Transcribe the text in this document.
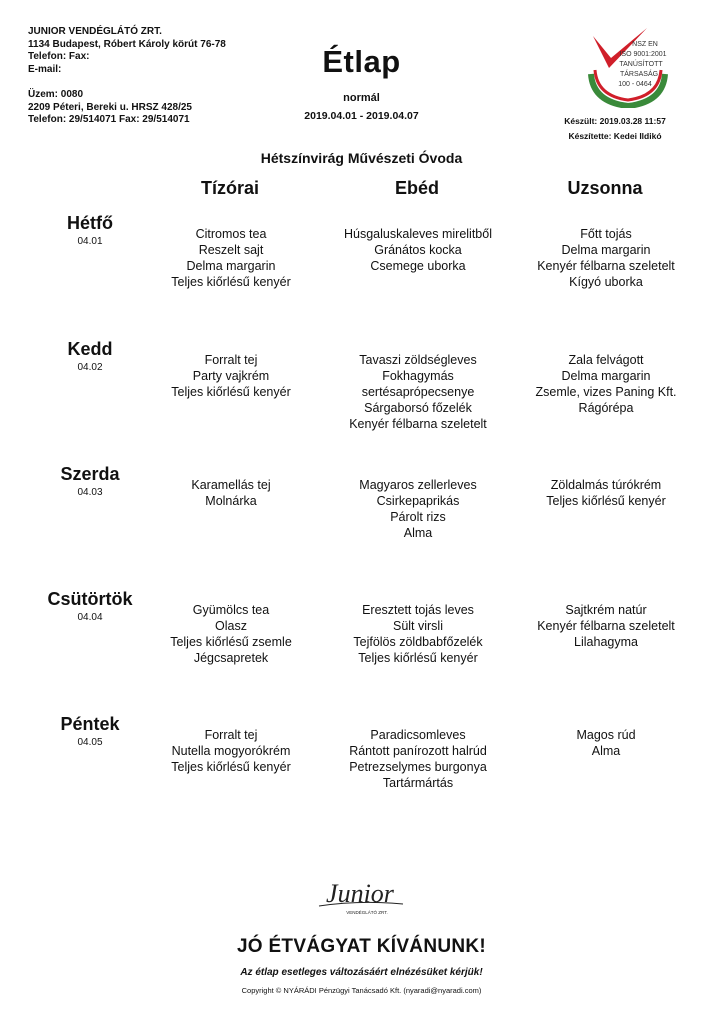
JUNIOR VENDÉGLÁTÓ ZRT.
1134 Budapest, Róbert Károly körút 76-78
Telefon: Fax:
E-mail:
Üzem: 0080
2209 Péteri, Bereki u. HRSZ 428/25
Telefon: 29/514071 Fax: 29/514071
Étlap
normál
2019.04.01 - 2019.04.07
NSZ EN
ISO 9001:2001
TANÚSÍTOTT
TÁRSASÁG
100 - 0464
Készült: 2019.03.28 11:57
Készítette: Kedei Ildikó
Hétszínvirág Művészeti Óvoda
Tízórai	Ebéd	Uzsonna
Hétfő
04.01
Citromos tea
Reszelt sajt
Delma margarin
Teljes kiőrlésű kenyér
Húsgaluskaleves mirelitből
Gránátos kocka
Csemege uborka
Főtt tojás
Delma margarin
Kenyér félbarna szeletelt
Kígyó uborka
Kedd
04.02
Forralt tej
Party vajkrém
Teljes kiőrlésű kenyér
Tavaszi zöldségleves
Fokhagymás
sertésaprópecsenye
Sárgaborsó főzelék
Kenyér félbarna szeletelt
Zala felvágott
Delma margarin
Zsemle, vizes Paning Kft.
Rágórépa
Szerda
04.03
Karamellás tej
Molnárka
Magyaros zellerleves
Csirkepaprikás
Párolt rizs
Alma
Zöldalmás túrókrém
Teljes kiőrlésű kenyér
Csütörtök
04.04
Gyümölcs tea
Olasz
Teljes kiőrlésű zsemle
Jégcsapretek
Eresztett tojás leves
Sült virsli
Tejfölös zöldbabfőzelék
Teljes kiőrlésű kenyér
Sajtkrém natúr
Kenyér félbarna szeletelt
Lilahagyma
Péntek
04.05
Forralt tej
Nutella mogyorókrém
Teljes kiőrlésű kenyér
Paradicsomleves
Rántott panírozott halrúd
Petrezselymes burgonya
Tartármártás
Magos rúd
Alma
Junior
VENDÉGLÁTÓ ZRT.
JÓ ÉTVÁGYAT KÍVÁNUNK!
Az étlap esetleges változásáért elnézésüket kérjük!
Copyright © NYÁRÁDI Pénzügyi Tanácsadó Kft. (nyaradi@nyaradi.com)
